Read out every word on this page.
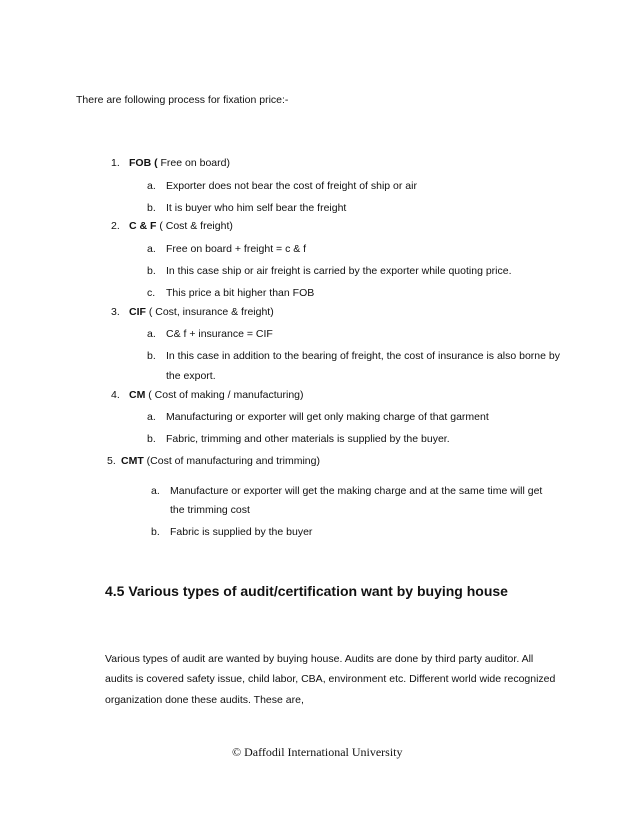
There are following process for fixation price:-
1. FOB ( Free on board)
a. Exporter does not bear the cost of freight of ship or air
b. It is buyer who him self bear the freight
2. C & F ( Cost & freight)
a. Free on board + freight = c & f
b. In this case ship or air freight is carried by the exporter while quoting price.
c. This price a bit higher than FOB
3. CIF ( Cost, insurance & freight)
a. C& f + insurance = CIF
b. In this case in addition to the bearing of freight, the cost of insurance is also borne by
the export.
4. CM ( Cost of making / manufacturing)
a. Manufacturing or exporter will get only making charge of that garment
b. Fabric, trimming and other materials is supplied by the buyer.
5. CMT (Cost of manufacturing and trimming)
a. Manufacture or exporter will get the making charge and at the same time will get
the trimming cost
b. Fabric is supplied by the buyer
4.5 Various types of audit/certification want by buying house
Various types of audit are wanted by buying house. Audits are done by third party auditor. All
audits is covered safety issue, child labor, CBA, environment etc. Different world wide recognized
organization done these audits. These are,
© Daffodil International University
